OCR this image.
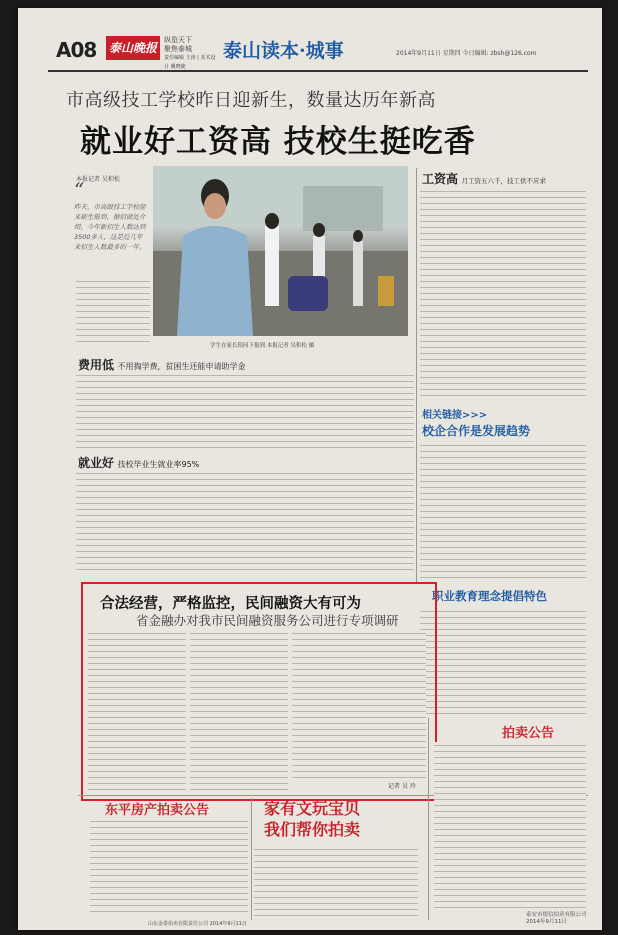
A08 泰山晚报
纵览天下
聚焦泰城
责任编辑 王涛 | 美术设计 戴晓婕
泰山读本·城事	2014年9月11日 星期四 今日编辑: zbsh@126.com
市高级技工学校昨日迎新生，数量达历年新高
就业好工资高 技校生挺吃香
本报记者 吴积松
“
昨天，市高级技工学校迎来新生报到，据招就处介绍，今年新招生人数达到3500多人，这是近几年来招生人数最多的一年。
学生在家长陪同下报到 本报记者 吴积松 摄
费用低 不用掏学费，贫困生还能申请助学金
就业好 技校毕业生就业率95%
工资高 月工资五六千，技工供不应求
相关链接>>>
校企合作是发展趋势
职业教育理念提倡特色
合法经营，严格监控，民间融资大有可为
省金融办对我市民间融资服务公司进行专项调研
记者 吴 玲
东平房产拍卖公告	家有文玩宝贝
我们帮你拍卖
拍卖公告
山东金泰拍卖有限责任公司 2014年9月11日
泰安市德信拍卖有限公司
2014年9月11日
